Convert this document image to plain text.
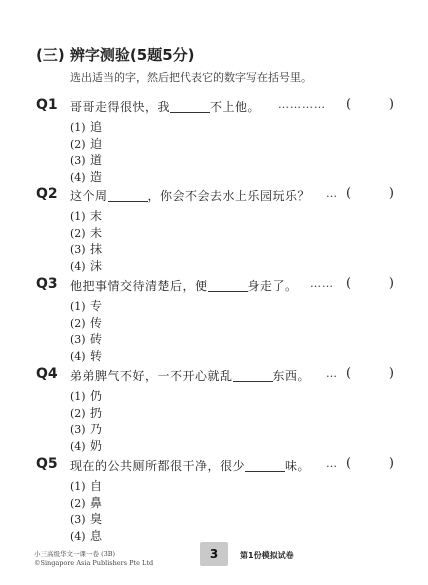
(三) 辨字测验(5题5分)
选出适当的字，然后把代表它的数字写在括号里。
Q1 哥哥走得很快，我	不上他。 ………… (	)
(1) 追
(2) 迫
(3) 道
(4) 造
Q2 这个周	，你会不会去水上乐园玩乐？ … (	)
(1) 末
(2) 未
(3) 抹
(4) 沫
Q3 他把事情交待清楚后，便	身走了。 …… (	)
(1) 专
(2) 传
(3) 砖
(4) 转
Q4 弟弟脾气不好，一不开心就乱	东西。 … (	)
(1) 仍
(2) 扔
(3) 乃
(4) 奶
Q5 现在的公共厕所都很干净，很少	味。 … (	)
(1) 自
(2) 鼻
(3) 臭
(4) 息
小三高级华文一课一卷 (3B)
©Singapore Asia Publishers Pte Ltd
3	第1份模拟试卷
